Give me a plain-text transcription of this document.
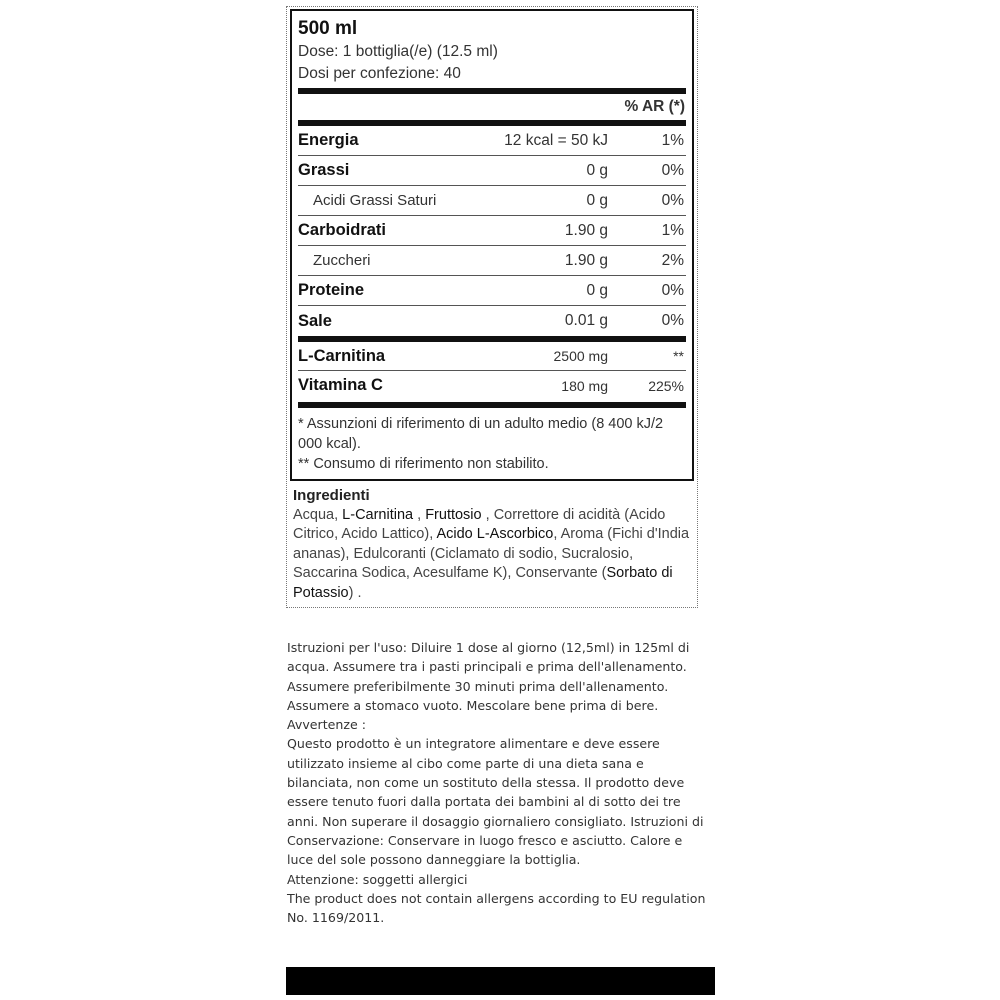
500 ml
Dose: 1 bottiglia(/e) (12.5 ml)
Dosi per confezione: 40
% AR (*)
Energia	12 kcal = 50 kJ	1%
Grassi	0 g	0%
Acidi Grassi Saturi	0 g	0%
Carboidrati	1.90 g	1%
Zuccheri	1.90 g	2%
Proteine	0 g	0%
Sale	0.01 g	0%
L-Carnitina	2500 mg	**
Vitamina C	180 mg	225%
* Assunzioni di riferimento di un adulto medio (8 400 kJ/2 000 kcal).
** Consumo di riferimento non stabilito.
Ingredienti
Acqua, L-Carnitina , Fruttosio , Correttore di acidità (Acido Citrico, Acido Lattico), Acido L-Ascorbico, Aroma (Fichi d'India ananas), Edulcoranti (Ciclamato di sodio, Sucralosio, Saccarina Sodica, Acesulfame K), Conservante (Sorbato di Potassio) .

Istruzioni per l'uso: Diluire 1 dose al giorno (12,5ml) in 125ml di acqua. Assumere tra i pasti principali e prima dell'allenamento. Assumere preferibilmente 30 minuti prima dell'allenamento. Assumere a stomaco vuoto. Mescolare bene prima di bere.

Avvertenze :

Questo prodotto è un integratore alimentare e deve essere utilizzato insieme al cibo come parte di una dieta sana e bilanciata, non come un sostituto della stessa. Il prodotto deve essere tenuto fuori dalla portata dei bambini al di sotto dei tre anni. Non superare il dosaggio giornaliero consigliato. Istruzioni di Conservazione: Conservare in luogo fresco e asciutto. Calore e luce del sole possono danneggiare la bottiglia.

Attenzione: soggetti allergici

The product does not contain allergens according to EU regulation No. 1169/2011.
